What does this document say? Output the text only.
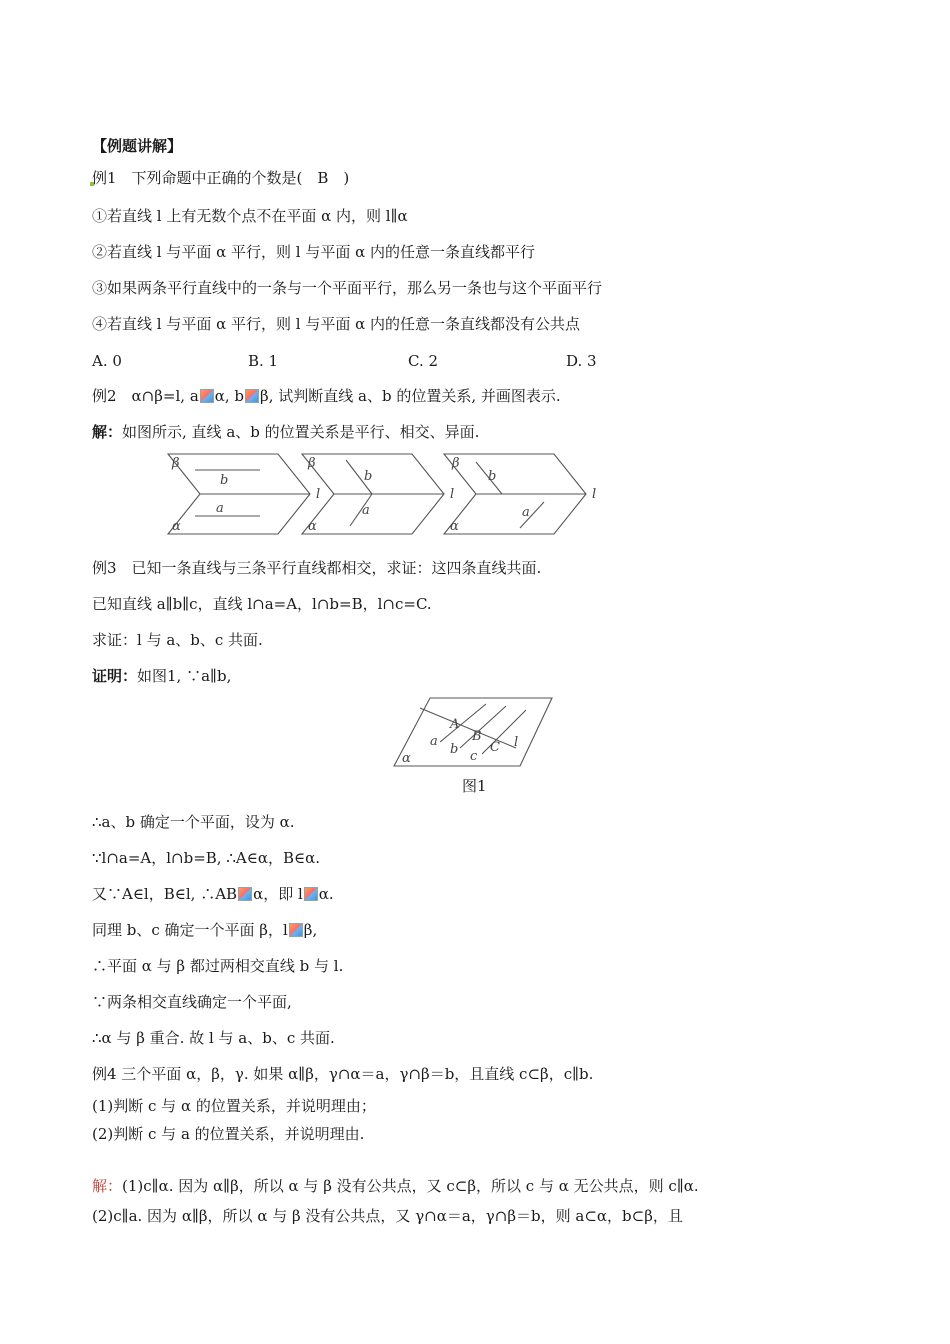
【例题讲解】
例1　下列命题中正确的个数是(　B　)
①若直线 l 上有无数个点不在平面 α 内，则 l∥α
②若直线 l 与平面 α 平行，则 l 与平面 α 内的任意一条直线都平行
③如果两条平行直线中的一条与一个平面平行，那么另一条也与这个平面平行
④若直线 l 与平面 α 平行，则 l 与平面 α 内的任意一条直线都没有公共点
A. 0	B. 1	C. 2	D. 3
例2　α∩β=l, a α, b β, 试判断直线 a、b 的位置关系, 并画图表示.
解：如图所示, 直线 a、b 的位置关系是平行、相交、异面.
β
b
a
α
l
β
b
a
α
l
β
b
a
α
l
例3　已知一条直线与三条平行直线都相交，求证：这四条直线共面.
已知直线 a∥b∥c，直线 l∩a=A，l∩b=B，l∩c=C.
求证：l 与 a、b、c 共面.
证明：如图1, ∵a∥b,
A
B
C
a
b c
l
α
图1
∴a、b 确定一个平面，设为 α.
∵l∩a=A，l∩b=B, ∴A∈α，B∈α.
又∵A∈l，B∈l, ∴AB α，即 l α.
同理 b、c 确定一个平面 β，l β,
∴平面 α 与 β 都过两相交直线 b 与 l.
∵两条相交直线确定一个平面,
∴α 与 β 重合. 故 l 与 a、b、c 共面.
例4 三个平面 α，β，γ. 如果 α∥β，γ∩α＝a，γ∩β＝b，且直线 c⊂β，c∥b.
(1)判断 c 与 α 的位置关系，并说明理由；
(2)判断 c 与 a 的位置关系，并说明理由.
解：(1)c∥α. 因为 α∥β，所以 α 与 β 没有公共点，又 c⊂β，所以 c 与 α 无公共点，则 c∥α.
(2)c∥a. 因为 α∥β，所以 α 与 β 没有公共点，又 γ∩α＝a，γ∩β＝b，则 a⊂α，b⊂β，且
